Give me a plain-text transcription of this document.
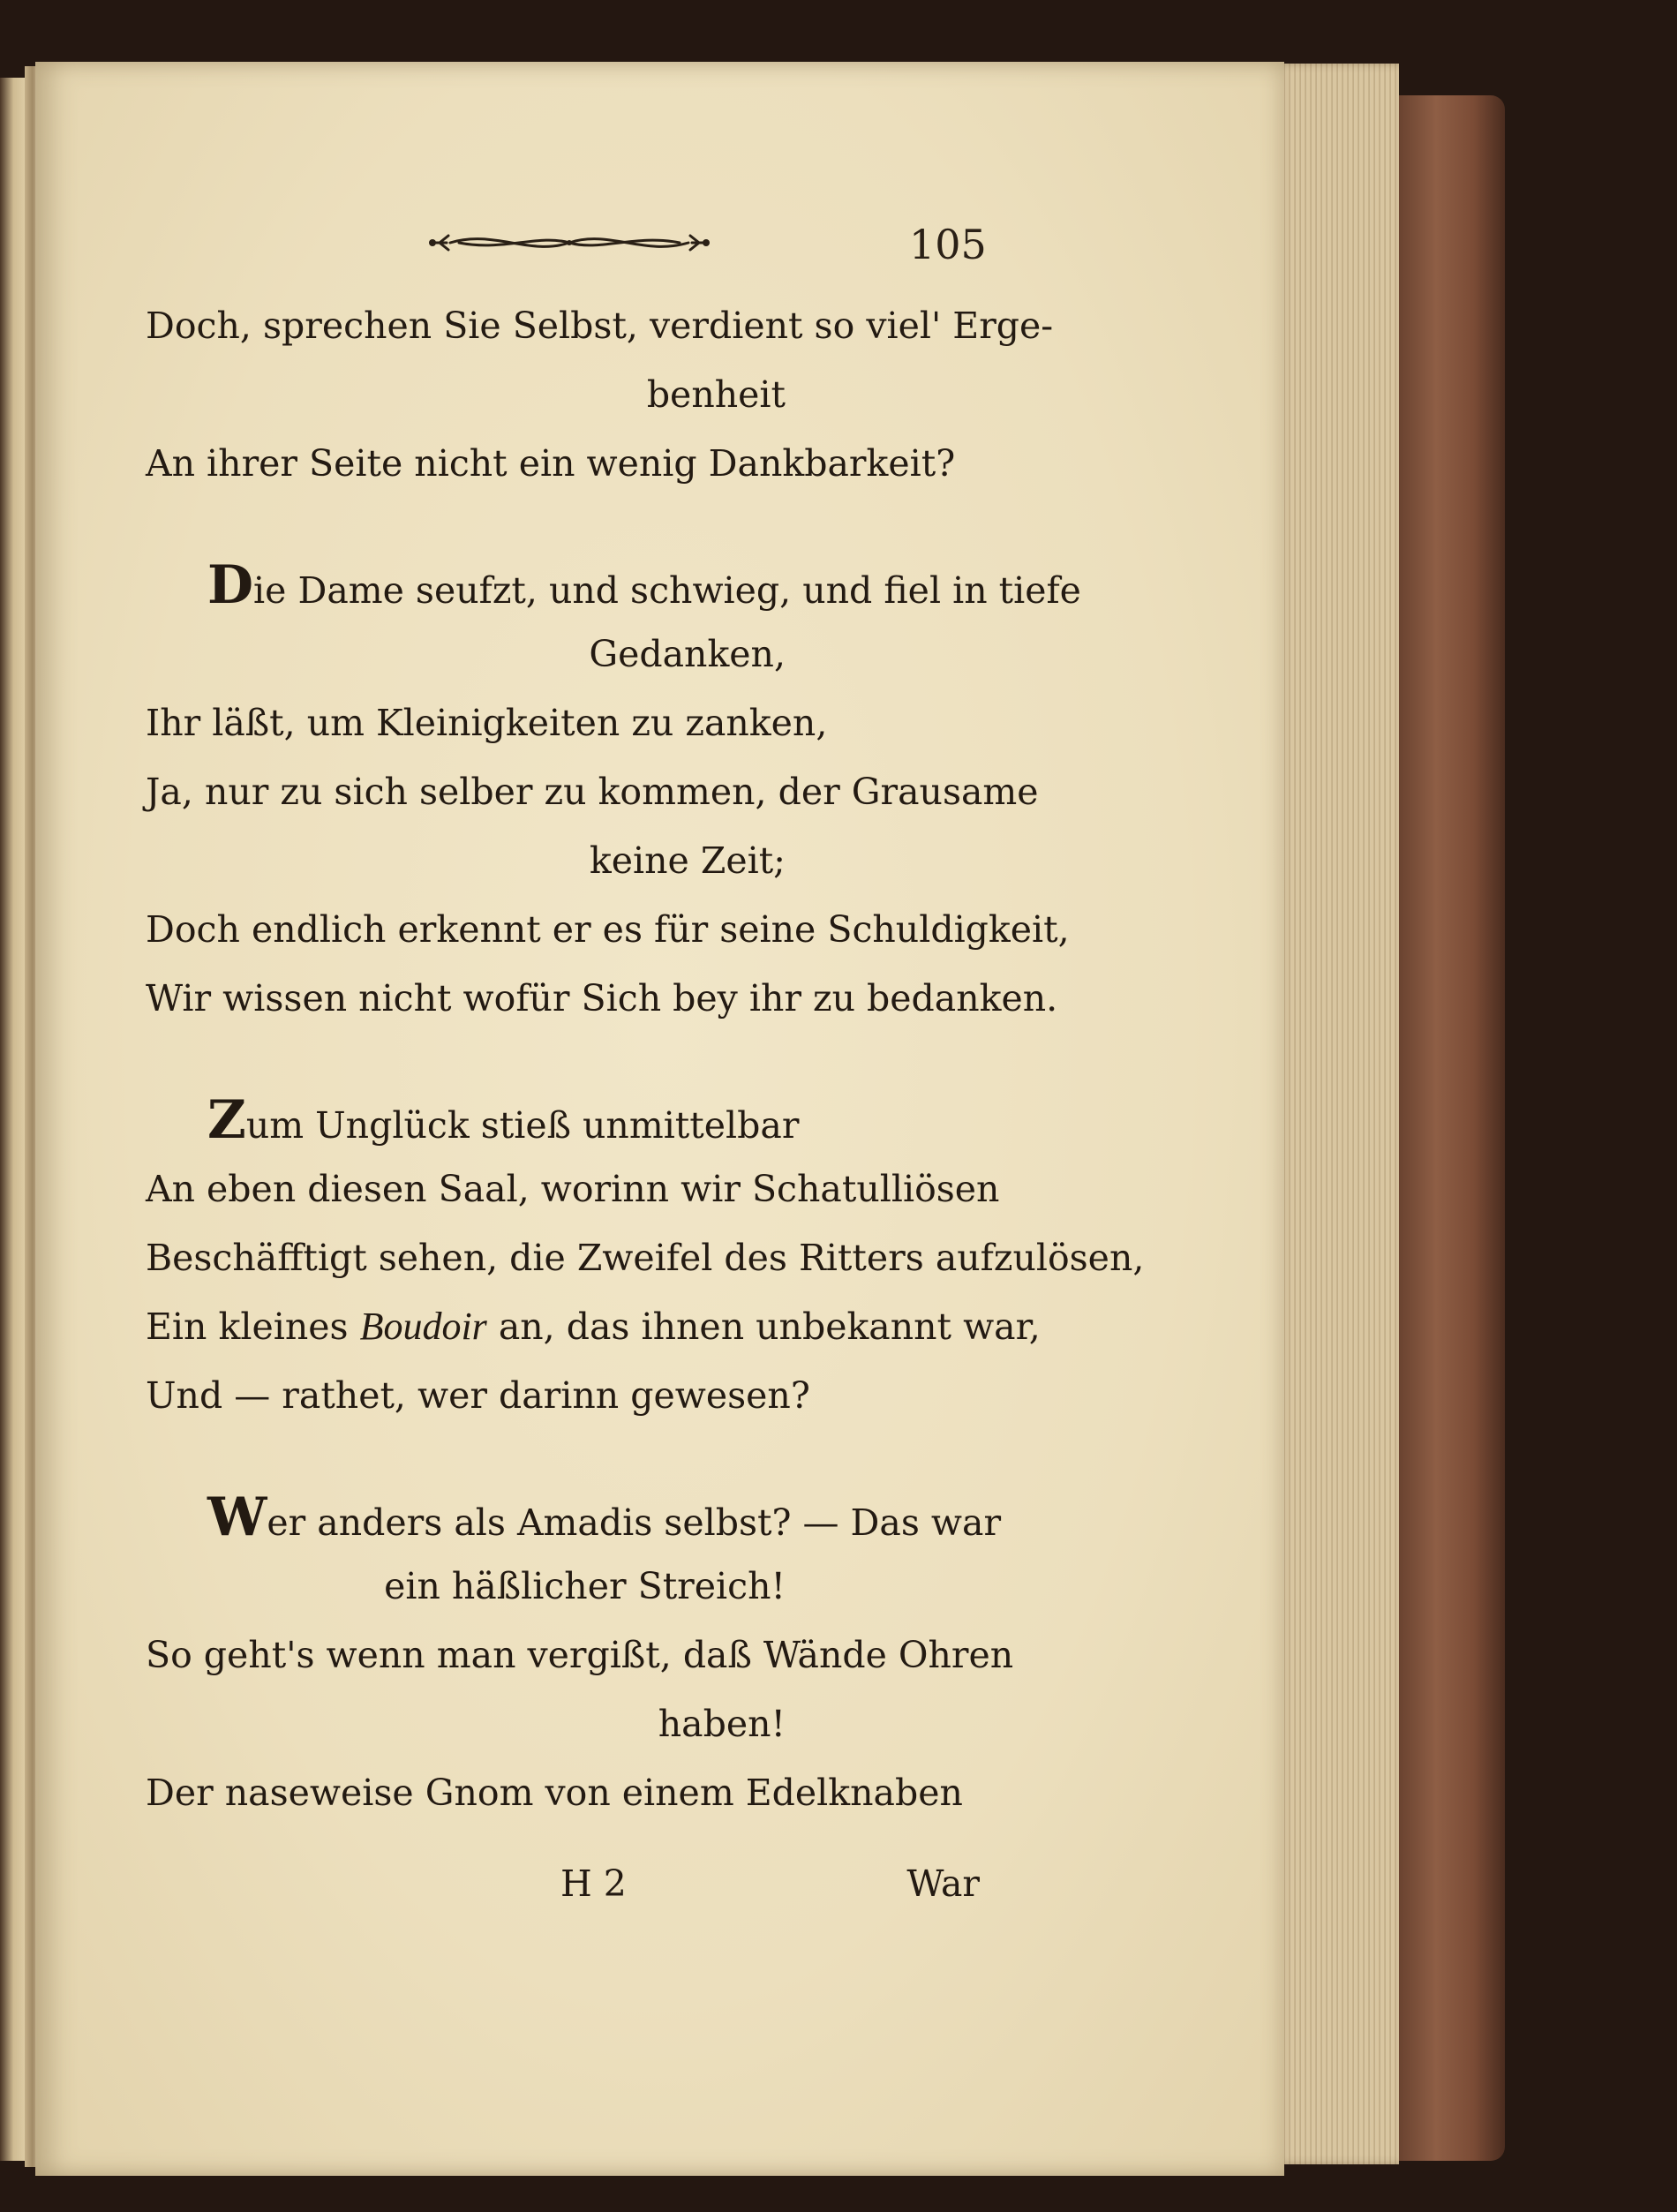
105
Doch, sprechen Sie Selbst, verdient so viel' Erge-
benheit
An ihrer Seite nicht ein wenig Dankbarkeit?
Die Dame seufzt, und schwieg, und fiel in tiefe
Gedanken,
Ihr läßt, um Kleinigkeiten zu zanken,
Ja, nur zu sich selber zu kommen, der Grausame
keine Zeit;
Doch endlich erkennt er es für seine Schuldigkeit,
Wir wissen nicht wofür Sich bey ihr zu bedanken.
Zum Unglück stieß unmittelbar
An eben diesen Saal, worinn wir Schatulliösen
Beschäfftigt sehen, die Zweifel des Ritters aufzulösen,
Ein kleines Boudoir an, das ihnen unbekannt war,
Und — rathet, wer darinn gewesen?
Wer anders als Amadis selbst? — Das war
ein häßlicher Streich!
So geht's wenn man vergißt, daß Wände Ohren
haben!
Der naseweise Gnom von einem Edelknaben
H 2	War
